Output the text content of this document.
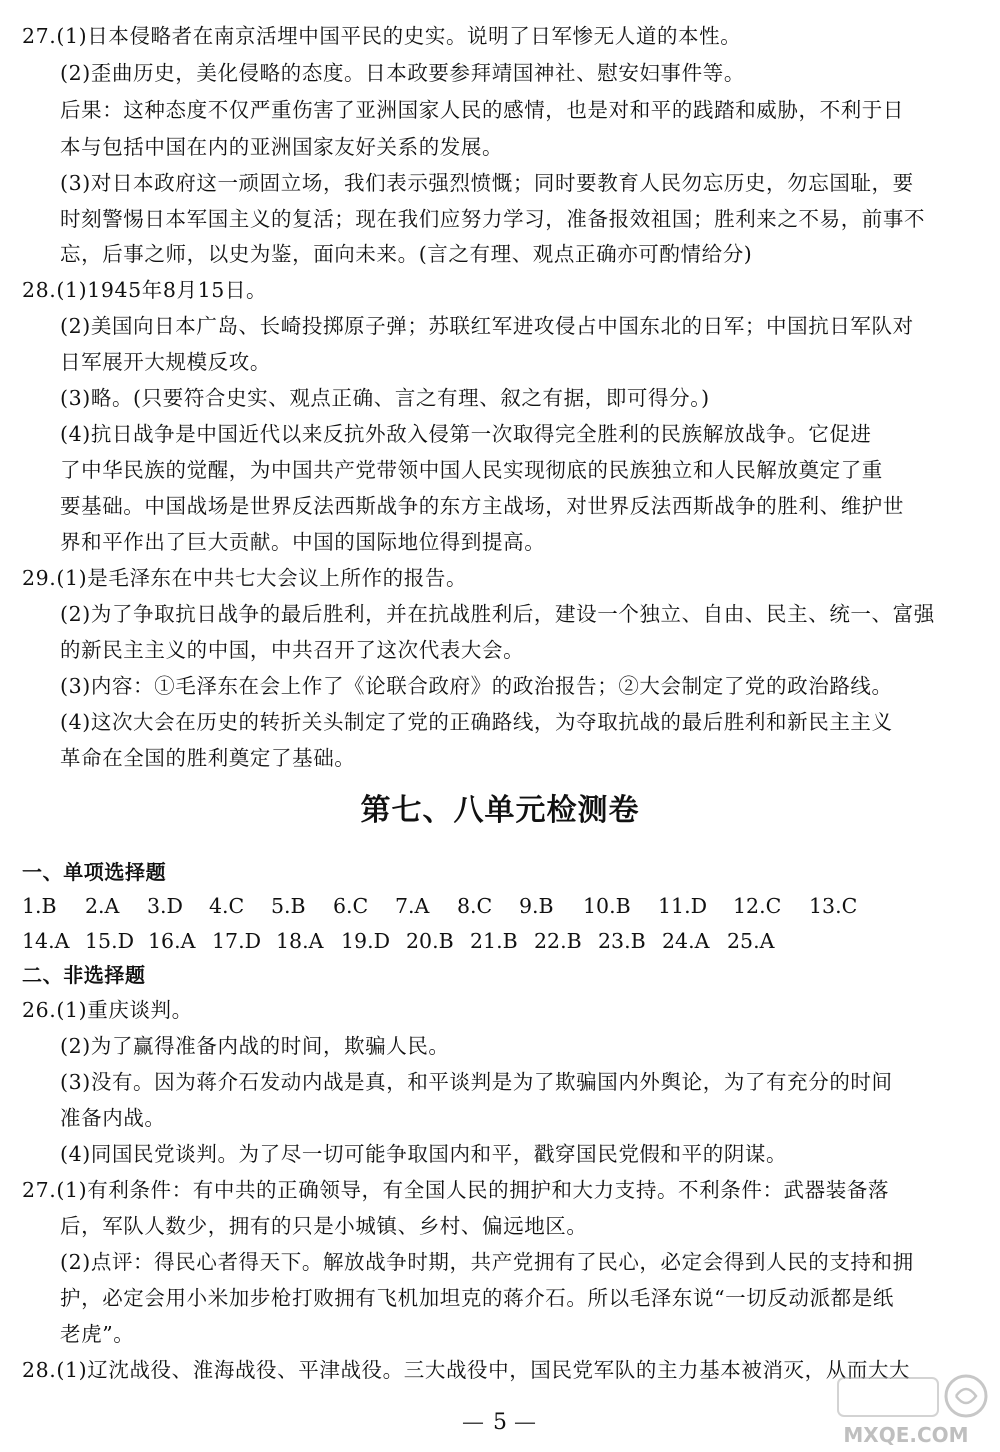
27.(1)日本侵略者在南京活埋中国平民的史实。说明了日军惨无人道的本性。
(2)歪曲历史，美化侵略的态度。日本政要参拜靖国神社、慰安妇事件等。
后果：这种态度不仅严重伤害了亚洲国家人民的感情，也是对和平的践踏和威胁，不利于日
本与包括中国在内的亚洲国家友好关系的发展。
(3)对日本政府这一顽固立场，我们表示强烈愤慨；同时要教育人民勿忘历史，勿忘国耻，要
时刻警惕日本军国主义的复活；现在我们应努力学习，准备报效祖国；胜利来之不易，前事不
忘，后事之师，以史为鉴，面向未来。(言之有理、观点正确亦可酌情给分)
28.(1)1945年8月15日。
(2)美国向日本广岛、长崎投掷原子弹；苏联红军进攻侵占中国东北的日军；中国抗日军队对
日军展开大规模反攻。
(3)略。(只要符合史实、观点正确、言之有理、叙之有据，即可得分。)
(4)抗日战争是中国近代以来反抗外敌入侵第一次取得完全胜利的民族解放战争。它促进
了中华民族的觉醒，为中国共产党带领中国人民实现彻底的民族独立和人民解放奠定了重
要基础。中国战场是世界反法西斯战争的东方主战场，对世界反法西斯战争的胜利、维护世
界和平作出了巨大贡献。中国的国际地位得到提高。
29.(1)是毛泽东在中共七大会议上所作的报告。
(2)为了争取抗日战争的最后胜利，并在抗战胜利后，建设一个独立、自由、民主、统一、富强
的新民主主义的中国，中共召开了这次代表大会。
(3)内容：①毛泽东在会上作了《论联合政府》的政治报告；②大会制定了党的政治路线。
(4)这次大会在历史的转折关头制定了党的正确路线，为夺取抗战的最后胜利和新民主主义
革命在全国的胜利奠定了基础。
第七、八单元检测卷
一、单项选择题
1.B 2.A 3.D 4.C 5.B 6.C 7.A 8.C 9.B 10.B 11.D 12.C 13.C
14.A 15.D 16.A 17.D 18.A 19.D 20.B 21.B 22.B 23.B 24.A 25.A
二、非选择题
26.(1)重庆谈判。
(2)为了赢得准备内战的时间，欺骗人民。
(3)没有。因为蒋介石发动内战是真，和平谈判是为了欺骗国内外舆论，为了有充分的时间
准备内战。
(4)同国民党谈判。为了尽一切可能争取国内和平，戳穿国民党假和平的阴谋。
27.(1)有利条件：有中共的正确领导，有全国人民的拥护和大力支持。不利条件：武器装备落
后，军队人数少，拥有的只是小城镇、乡村、偏远地区。
(2)点评：得民心者得天下。解放战争时期，共产党拥有了民心，必定会得到人民的支持和拥
护，必定会用小米加步枪打败拥有飞机加坦克的蒋介石。所以毛泽东说“一切反动派都是纸
老虎”。
28.(1)辽沈战役、淮海战役、平津战役。三大战役中，国民党军队的主力基本被消灭，从而大大
— 5 —	MXQE.COM
